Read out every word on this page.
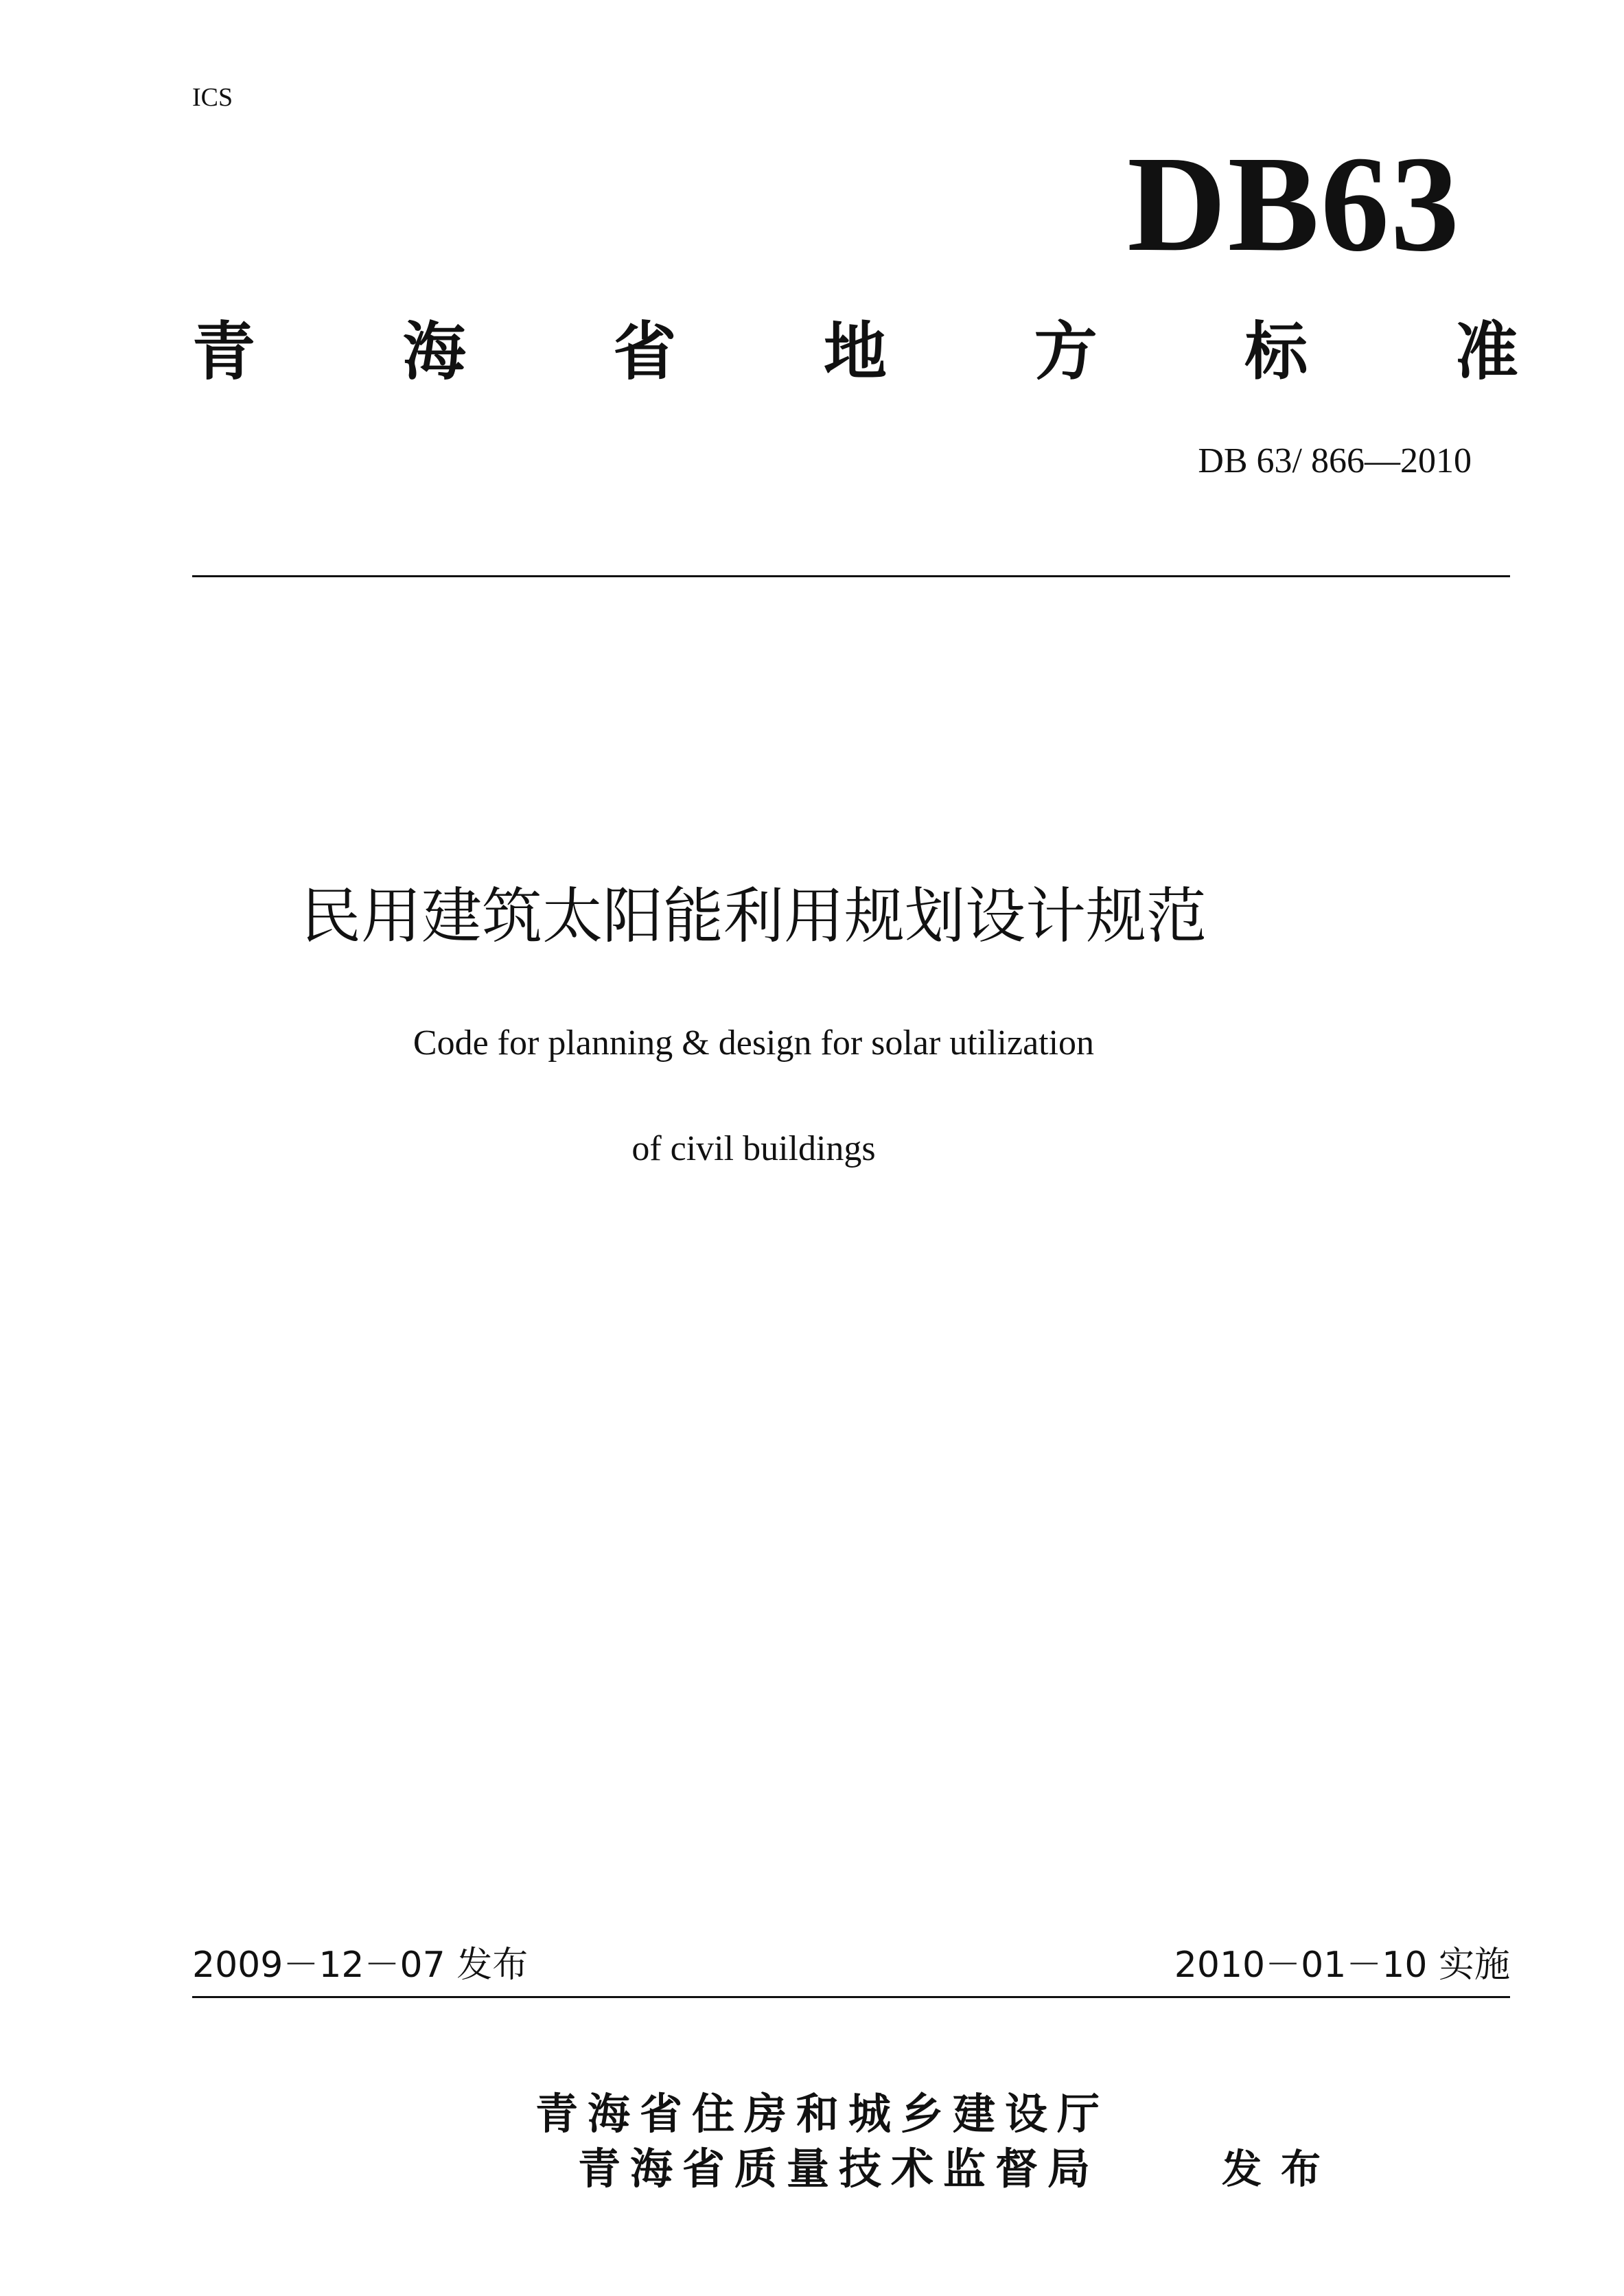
ICS
DB63
青 海 省 地 方 标 准
DB 63/ 866—2010
民用建筑太阳能利用规划设计规范
Code for planning & design for solar utilization
of civil buildings
2009－12－07 发布	2010－01－10 实施
青海省住房和城乡建设厅
青海省质量技术监督局	发布
